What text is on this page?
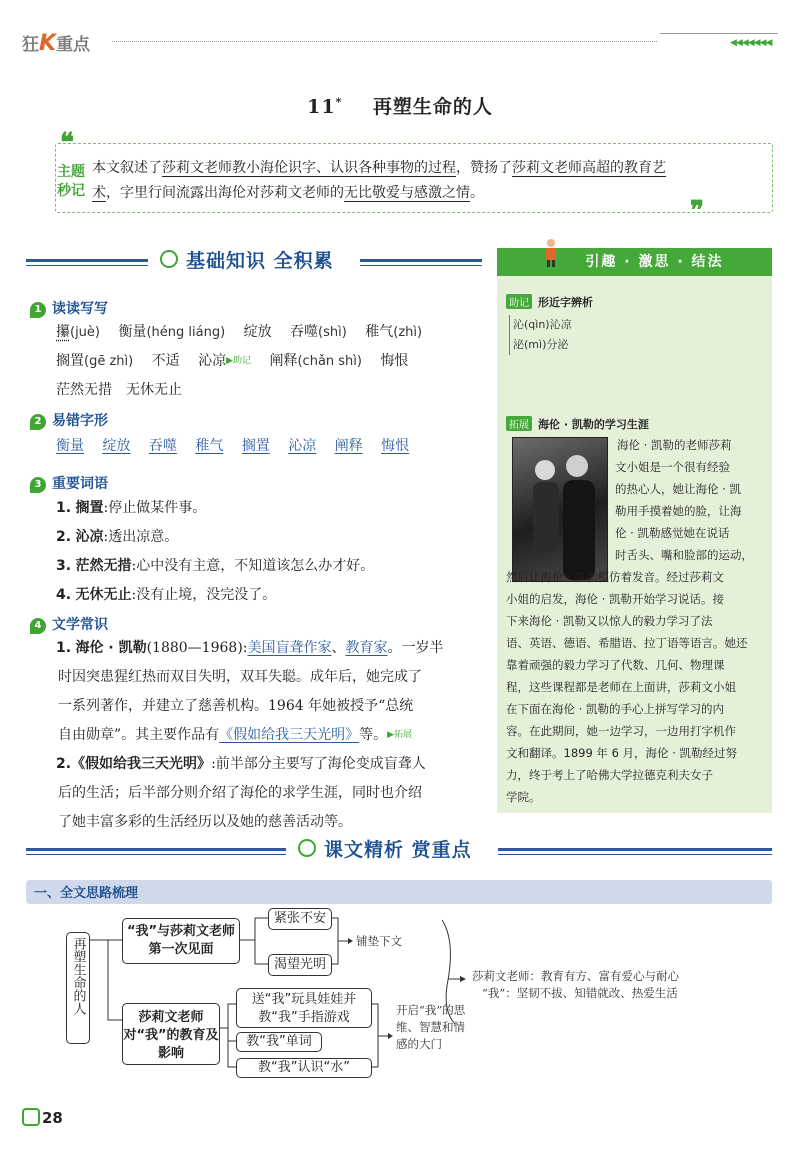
狂K重点	◀◀◀◀◀◀◀
11* 再塑生命的人
❝
❞
主题
秒记
本文叙述了莎莉文老师教小海伦识字、认识各种事物的过程，赞扬了莎莉文老师高超的教育艺
术，字里行间流露出海伦对莎莉文老师的无比敬爱与感激之情。
基础知识 全积累	引趣 · 激思 · 结法
助记 形近字辨析
沁(qìn)沁凉
泌(mì)分泌
拓展 海伦 · 凯勒的学习生涯
海伦 · 凯勒的老师莎莉
文小姐是一个很有经验
的热心人，她让海伦 · 凯
勒用手摸着她的脸，让海
伦 · 凯勒感觉她在说话
时舌头、嘴和脸部的运动，
然后让海伦 · 凯勒模仿着发音。经过莎莉文
小姐的启发，海伦 · 凯勒开始学习说话。接
下来海伦 · 凯勒又以惊人的毅力学习了法
语、英语、德语、希腊语、拉丁语等语言。她还
靠着顽强的毅力学习了代数、几何、物理课
程，这些课程都是老师在上面讲，莎莉文小姐
在下面在海伦 · 凯勒的手心上拼写学习的内
容。在此期间，她一边学习，一边用打字机作
文和翻译。1899 年 6 月，海伦 · 凯勒经过努
力，终于考上了哈佛大学拉德克利夫女子
学院。
1 读读写写
攥(juè) 衡量(héng liáng) 绽放 吞噬(shì) 稚气(zhì)
搁置(gē zhì) 不适 沁凉▶助记 阐释(chǎn shì) 悔恨
茫然无措 无休无止
2 易错字形
衡量 绽放 吞噬 稚气 搁置 沁凉 阐释 悔恨
3 重要词语
1. 搁置:停止做某件事。
2. 沁凉:透出凉意。
3. 茫然无措:心中没有主意，不知道该怎么办才好。
4. 无休无止:没有止境，没完没了。
4 文学常识
1. 海伦 · 凯勒(1880—1968):美国盲聋作家、教育家。一岁半
时因突患猩红热而双目失明，双耳失聪。成年后，她完成了
一系列著作，并建立了慈善机构。1964 年她被授予“总统
自由勋章”。其主要作品有《假如给我三天光明》等。▶拓展
2.《假如给我三天光明》:前半部分主要写了海伦变成盲聋人
后的生活；后半部分则介绍了海伦的求学生涯，同时也介绍
了她丰富多彩的生活经历以及她的慈善活动等。
课文精析 赏重点
一、全文思路梳理
再塑生命的人
“我”与莎莉文老师第一次见面
紧张不安
渴望光明
铺垫下文
莎莉文老师对“我”的教育及影响
送“我”玩具娃娃并教“我”手指游戏
教“我”单词
教“我”认识“水”
开启“我”的思维、智慧和情感的大门
莎莉文老师：教育有方、富有爱心与耐心
“我”：坚韧不拔、知错就改、热爱生活
28
